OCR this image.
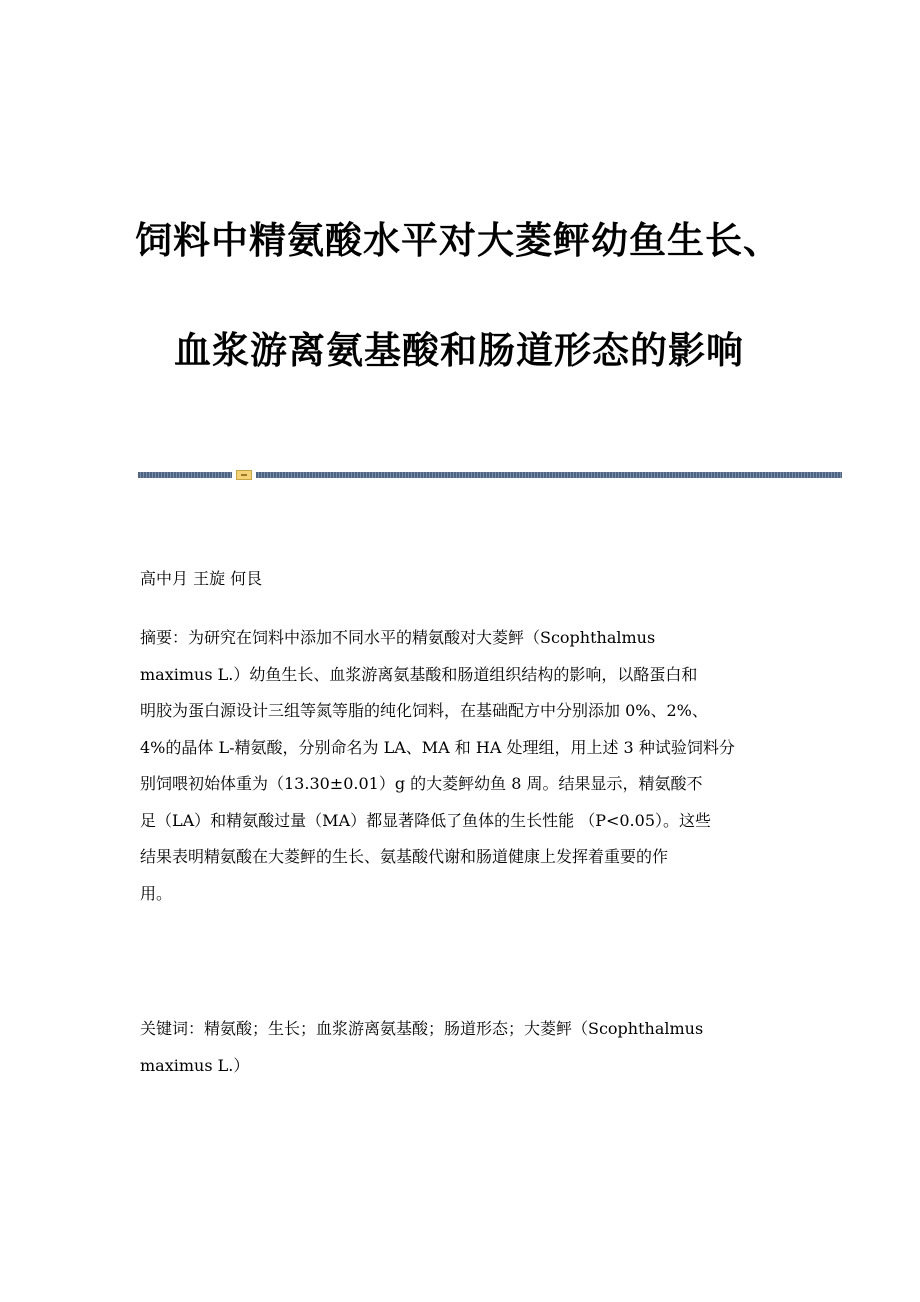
饲料中精氨酸水平对大菱鲆幼鱼生长、
血浆游离氨基酸和肠道形态的影响
高中月 王旋 何艮
摘要：为研究在饲料中添加不同水平的精氨酸对大菱鲆（Scophthalmus
maximus L.）幼鱼生长、血浆游离氨基酸和肠道组织结构的影响，以酪蛋白和
明胶为蛋白源设计三组等氮等脂的纯化饲料，在基础配方中分别添加 0%、2%、
4%的晶体 L-精氨酸，分别命名为 LA、MA 和 HA 处理组，用上述 3 种试验饲料分
别饲喂初始体重为（13.30±0.01）g 的大菱鲆幼鱼 8 周。结果显示，精氨酸不
足（LA）和精氨酸过量（MA）都显著降低了鱼体的生长性能 （P<0.05）。这些
结果表明精氨酸在大菱鲆的生长、氨基酸代谢和肠道健康上发挥着重要的作
用。
关键词：精氨酸；生长；血浆游离氨基酸；肠道形态；大菱鲆（Scophthalmus
maximus L.）
